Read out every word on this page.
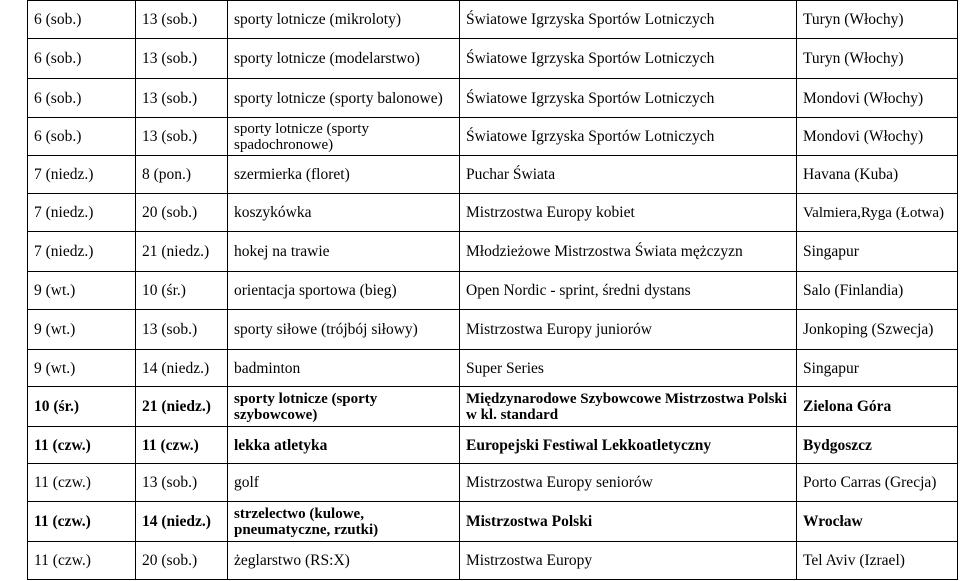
6 (sob.)	13 (sob.)	sporty lotnicze (mikroloty)	Światowe Igrzyska Sportów Lotniczych	Turyn (Włochy)
6 (sob.)	13 (sob.)	sporty lotnicze (modelarstwo)	Światowe Igrzyska Sportów Lotniczych	Turyn (Włochy)
6 (sob.)	13 (sob.)	sporty lotnicze (sporty balonowe)	Światowe Igrzyska Sportów Lotniczych	Mondovi (Włochy)
6 (sob.)	13 (sob.)	sporty lotnicze (sporty spadochronowe)	Światowe Igrzyska Sportów Lotniczych	Mondovi (Włochy)
7 (niedz.)	8 (pon.)	szermierka (floret)	Puchar Świata	Havana (Kuba)
7 (niedz.)	20 (sob.)	koszykówka	Mistrzostwa Europy kobiet	Valmiera,Ryga (Łotwa)
7 (niedz.)	21 (niedz.)	hokej na trawie	Młodzieżowe Mistrzostwa Świata mężczyzn	Singapur
9 (wt.)	10 (śr.)	orientacja sportowa (bieg)	Open Nordic - sprint, średni dystans	Salo (Finlandia)
9 (wt.)	13 (sob.)	sporty siłowe (trójbój siłowy)	Mistrzostwa Europy juniorów	Jonkoping (Szwecja)
9 (wt.)	14 (niedz.)	badminton	Super Series	Singapur
10 (śr.)	21 (niedz.)	sporty lotnicze (sporty szybowcowe)	Międzynarodowe Szybowcowe Mistrzostwa Polski w kl. standard	Zielona Góra
11 (czw.)	11 (czw.)	lekka atletyka	Europejski Festiwal Lekkoatletyczny	Bydgoszcz
11 (czw.)	13 (sob.)	golf	Mistrzostwa Europy seniorów	Porto Carras (Grecja)
11 (czw.)	14 (niedz.)	strzelectwo (kulowe, pneumatyczne, rzutki)	Mistrzostwa Polski	Wrocław
11 (czw.)	20 (sob.)	żeglarstwo (RS:X)	Mistrzostwa Europy	Tel Aviv (Izrael)
